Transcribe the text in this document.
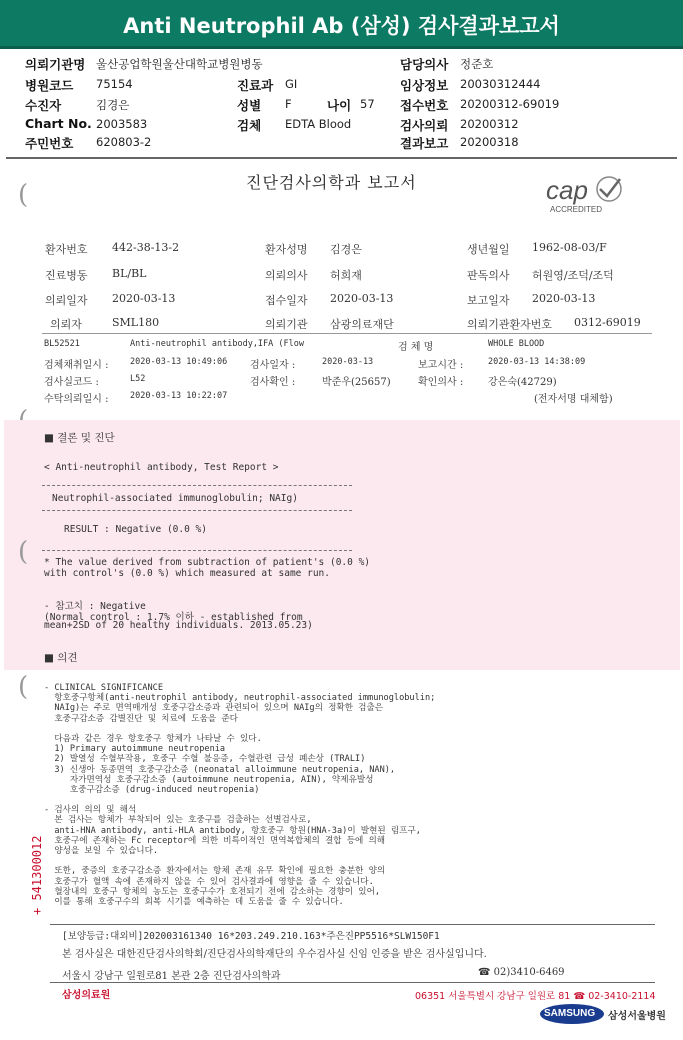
Anti Neutrophil Ab (삼성) 검사결과보고서
의뢰기관명 울산공업학원울산대학교병원병동	담당의사 정준호
병원코드 75154	진료과 GI	임상정보 20030312444
수진자	김경은	성별 F	나이 57 접수번호 20200312-69019
Chart No. 2003583	검체 EDTA Blood	검사의뢰 20200312
주민번호 620803-2	결과보고 20200318
진단검사의학과 보고서	cap
ACCREDITED
(
환자번호 442-38-13-2	환자성명 김경은	생년월일 1962-08-03/F
진료병동 BL/BL	의뢰의사 허희재	판독의사 허원영/조덕/조덕
의뢰일자 2020-03-13	접수일자 2020-03-13	보고일자 2020-03-13
의뢰자	SML180	의뢰기관 삼광의료재단	의뢰기관환자번호 0312-69019
BL52521	Anti-neutrophil antibody,IFA (Flow	검 체 명	WHOLE BLOOD
검체채취일시 :	2020-03-13 10:49:06 검사일자 :	2020-03-13	보고시간 :	2020-03-13 14:38:09
검사실코드 :	L52	검사확인 :	박준우(25657)	확인의사 : 강은숙(42729)
수탁의뢰일시 :	2020-03-13 10:22:07	(전자서명 대체함)
■ 결론 및 진단
< Anti-neutrophil antibody, Test Report >
Neutrophil-associated immunoglobulin; NAIg)
RESULT : Negative (0.0 %)
( * The value derived from subtraction of patient's (0.0 %)
with control's (0.0 %) which measured at same run.
- 참고치 : Negative
(Normal control : 1.7% 이하 - established from
mean+2SD of 20 healthy individuals. 2013.05.23)
■ 의견
( - CLINICAL SIGNIFICANCE
항호중구항체(anti-neutrophil antibody, neutrophil-associated immunoglobulin;
NAIg)는 주로 면역매개성 호중구감소증과 관련되어 있으며 NAIg의 정확한 검출은
호중구감소증 감별진단 및 치료에 도움을 준다
다음과 같은 경우 항호중구 항체가 나타날 수 있다.
1) Primary autoimmune neutropenia
2) 발열성 수혈부작용, 호중구 수혈 불응증, 수혈관련 급성 폐손상 (TRALI)
3) 신생아 동종면역 호중구감소증 (neonatal alloimmune neutropenia, NAN),
자가면역성 호중구감소증 (autoimmune neutropenia, AIN), 약제유발성
호중구감소증 (drug-induced neutropenia)
- 검사의 의의 및 해석
본 검사는 항체가 부착되어 있는 호중구를 검출하는 선별검사로,
anti-HNA antibody, anti-HLA antibody, 항호중구 항원(HNA-3a)이 발현된 림프구,
호중구에 존재하는 Fc receptor에 의한 비특이적인 면역복합체의 결합 등에 의해
양성을 보일 수 있습니다.
또한, 중증의 호중구감소증 환자에서는 항체 존재 유무 확인에 필요한 충분한 양의
호중구가 혈액 속에 존재하지 않을 수 있어 검사결과에 영향을 줄 수 있습니다.
혈장내의 호중구 항체의 농도는 호중구수가 호전되기 전에 감소하는 경향이 있어,
이를 통해 호중구수의 회복 시기를 예측하는 데 도움을 줄 수 있습니다.
+ 541300012
[보양등급:대외비]202003161340 16*203.249.210.163*주은진PP5516*SLW150F1
본 검사실은 대한진단검사의학회/진단검사의학재단의 우수검사실 신임 인증을 받은 검사실입니다.
서울시 강남구 일원로81 본관 2층 진단검사의학과	☎ 02)3410-6469
삼성의료원	06351 서울특별시 강남구 일원로 81 ☎ 02-3410-2114
SAMSUNG 삼성서울병원
